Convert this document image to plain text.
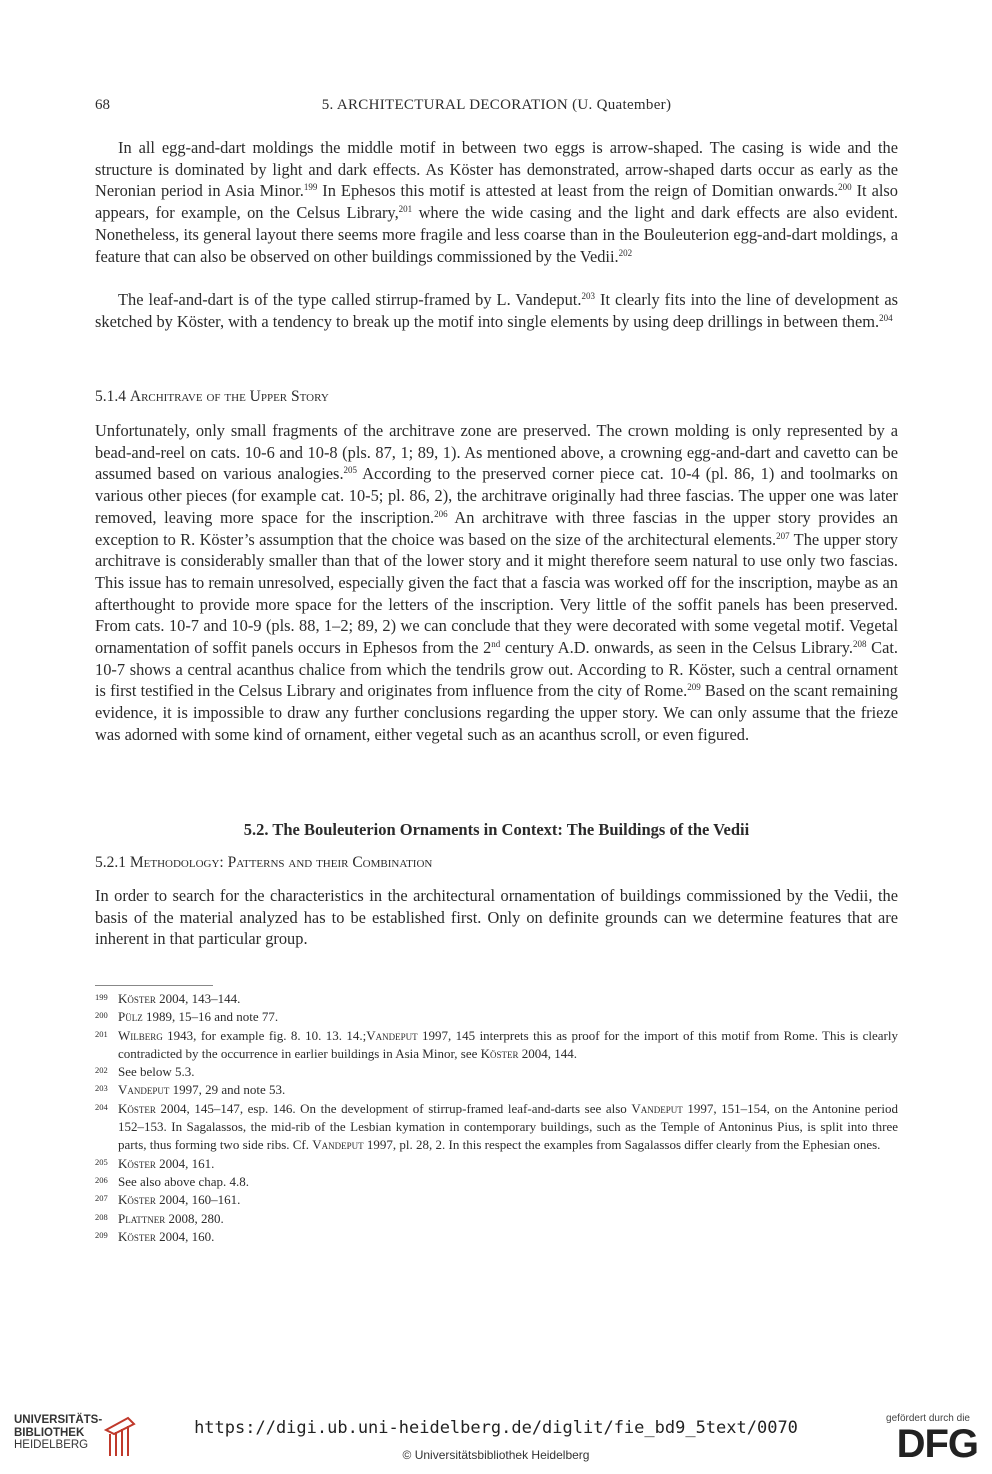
68	5. ARCHITECTURAL DECORATION (U. Quatember)

In all egg-and-dart moldings the middle motif in between two eggs is arrow-shaped. The casing is wide and the structure is dominated by light and dark effects. As Köster has demonstrated, arrow-shaped darts occur as early as the Neronian period in Asia Minor.$^{199}$ In Ephesos this motif is attested at least from the reign of Domitian onwards.$^{200}$ It also appears, for example, on the Celsus Library,$^{201}$ where the wide casing and the light and dark effects are also evident. Nonetheless, its general layout there seems more fragile and less coarse than in the Bouleuterion egg-and-dart moldings, a feature that can also be observed on other buildings commissioned by the Vedii.$^{202}$

The leaf-and-dart is of the type called stirrup-framed by L. Vandeput.$^{203}$ It clearly fits into the line of development as sketched by Köster, with a tendency to break up the motif into single elements by using deep drillings in between them.$^{204}$

5.1.4 Architrave of the Upper Story

Unfortunately, only small fragments of the architrave zone are preserved. The crown molding is only represented by a bead-and-reel on cats. 10-6 and 10-8 (pls. 87, 1; 89, 1). As mentioned above, a crowning egg-and-dart and cavetto can be assumed based on various analogies.$^{205}$ According to the preserved corner piece cat. 10-4 (pl. 86, 1) and toolmarks on various other pieces (for example cat. 10-5; pl. 86, 2), the architrave originally had three fascias. The upper one was later removed, leaving more space for the inscription.$^{206}$ An architrave with three fascias in the upper story provides an exception to R. Köster’s assumption that the choice was based on the size of the architectural elements.$^{207}$ The upper story architrave is considerably smaller than that of the lower story and it might therefore seem natural to use only two fascias. This issue has to remain unresolved, especially given the fact that a fascia was worked off for the inscription, maybe as an afterthought to provide more space for the letters of the inscription. Very little of the soffit panels has been preserved. From cats. 10-7 and 10-9 (pls. 88, 1–2; 89, 2) we can conclude that they were decorated with some vegetal motif. Vegetal ornamentation of soffit panels occurs in Ephesos from the 2nd century A.D. onwards, as seen in the Celsus Library.$^{208}$ Cat. 10-7 shows a central acanthus chalice from which the tendrils grow out. According to R. Köster, such a central ornament is first testified in the Celsus Library and originates from influence from the city of Rome.$^{209}$ Based on the scant remaining evidence, it is impossible to draw any further conclusions regarding the upper story. We can only assume that the frieze was adorned with some kind of ornament, either vegetal such as an acanthus scroll, or even figured.

5.2. The Bouleuterion Ornaments in Context: The Buildings of the Vedii

5.2.1 Methodology: Patterns and their Combination

In order to search for the characteristics in the architectural ornamentation of buildings commissioned by the Vedii, the basis of the material analyzed has to be established first. Only on definite grounds can we determine features that are inherent in that particular group.

199 Köster 2004, 143–144.
200 Pülz 1989, 15–16 and note 77.
201 Wilberg 1943, for example fig. 8. 10. 13. 14.;Vandeput 1997, 145 interprets this as proof for the import of this motif from Rome. This is clearly contradicted by the occurrence in earlier buildings in Asia Minor, see Köster 2004, 144.
202 See below 5.3.
203 Vandeput 1997, 29 and note 53.
204 Köster 2004, 145–147, esp. 146. On the development of stirrup-framed leaf-and-darts see also Vandeput 1997, 151–154, on the Antonine period 152–153. In Sagalassos, the mid-rib of the Lesbian kymation in contemporary buildings, such as the Temple of Antoninus Pius, is split into three parts, thus forming two side ribs. Cf. Vandeput 1997, pl. 28, 2. In this respect the examples from Sagalassos differ clearly from the Ephesian ones.
205 Köster 2004, 161.
206 See also above chap. 4.8.
207 Köster 2004, 160–161.
208 Plattner 2008, 280.
209 Köster 2004, 160.
UNIVERSITÄTS-
BIBLIOTHEK
HEIDELBERG
https://digi.ub.uni-heidelberg.de/diglit/fie_bd9_5text/0070
© Universitätsbibliothek Heidelberg
gefördert durch die
DFG
